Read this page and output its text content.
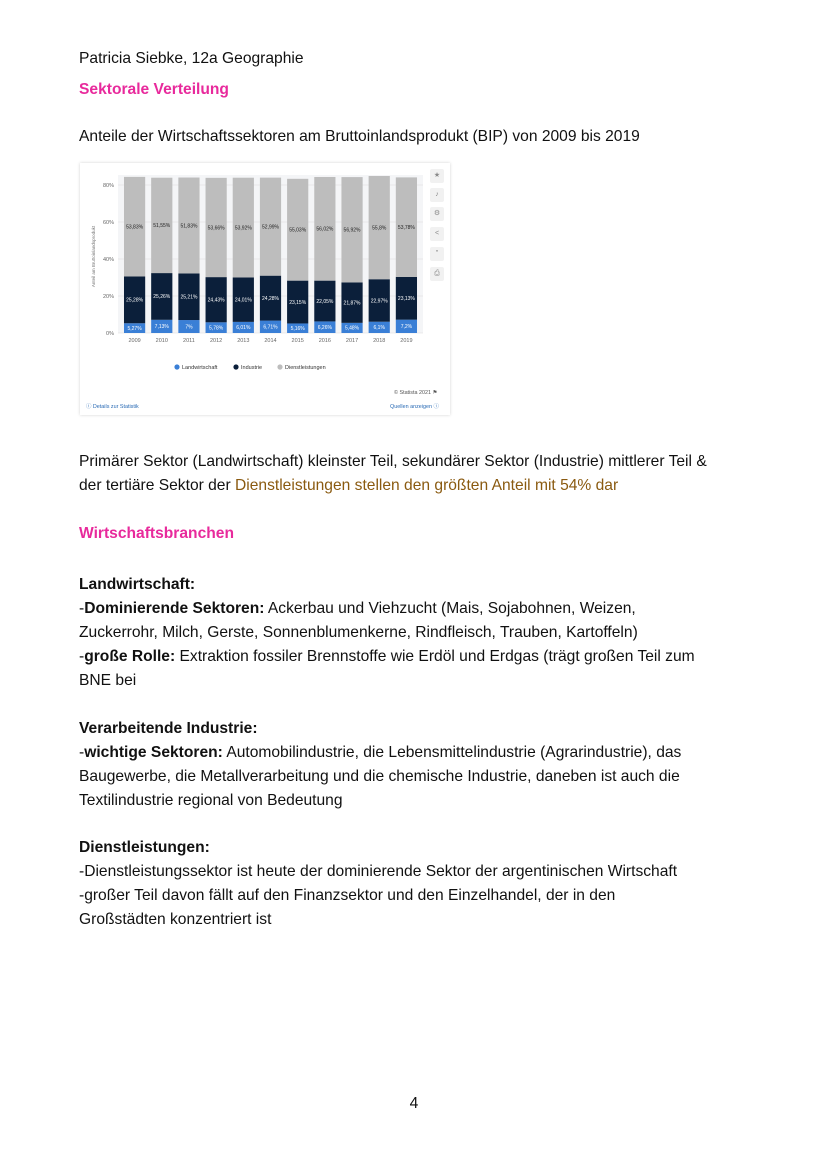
Patricia Siebke, 12a Geographie

Sektorale Verteilung

Anteile der Wirtschaftssektoren am Bruttoinlandsprodukt (BIP) von 2009 bis 2019

0%
20%
40%
60%
80%
Anteil am Bruttoinlandsprodukt
5,27%
25,28%
53,83%
2009
7,13%
25,26%
51,55%
2010
7%
25,21%
51,83%
2011
5,78%
24,43%
53,66%
2012
6,01%
24,01%
53,92%
2013
6,71%
24,28%
52,99%
2014
5,16%
23,15%
55,03%
2015
6,26%
22,05%
56,02%
2016
5,48%
21,87%
56,92%
2017
6,1%
22,97%
55,8%
2018
7,2%
23,13%
53,78%
2019
Landwirtschaft	Industrie	Dienstleistungen
★
♪
⚙
<
"
⎙
© Statista 2021 ⚑
ⓘ Details zur Statistik	Quellen anzeigen ⓘ

Primärer Sektor (Landwirtschaft) kleinster Teil, sekundärer Sektor (Industrie) mittlerer Teil &

der tertiäre Sektor der Dienstleistungen stellen den größten Anteil mit 54% dar

Wirtschaftsbranchen

Landwirtschaft:

-Dominierende Sektoren: Ackerbau und Viehzucht (Mais, Sojabohnen, Weizen,

Zuckerrohr, Milch, Gerste, Sonnenblumenkerne, Rindfleisch, Trauben, Kartoffeln)

-große Rolle: Extraktion fossiler Brennstoffe wie Erdöl und Erdgas (trägt großen Teil zum

BNE bei

Verarbeitende Industrie:

-wichtige Sektoren: Automobilindustrie, die Lebensmittelindustrie (Agrarindustrie), das

Baugewerbe, die Metallverarbeitung und die chemische Industrie, daneben ist auch die

Textilindustrie regional von Bedeutung

Dienstleistungen:

-Dienstleistungssektor ist heute der dominierende Sektor der argentinischen Wirtschaft

-großer Teil davon fällt auf den Finanzsektor und den Einzelhandel, der in den

Großstädten konzentriert ist

4
